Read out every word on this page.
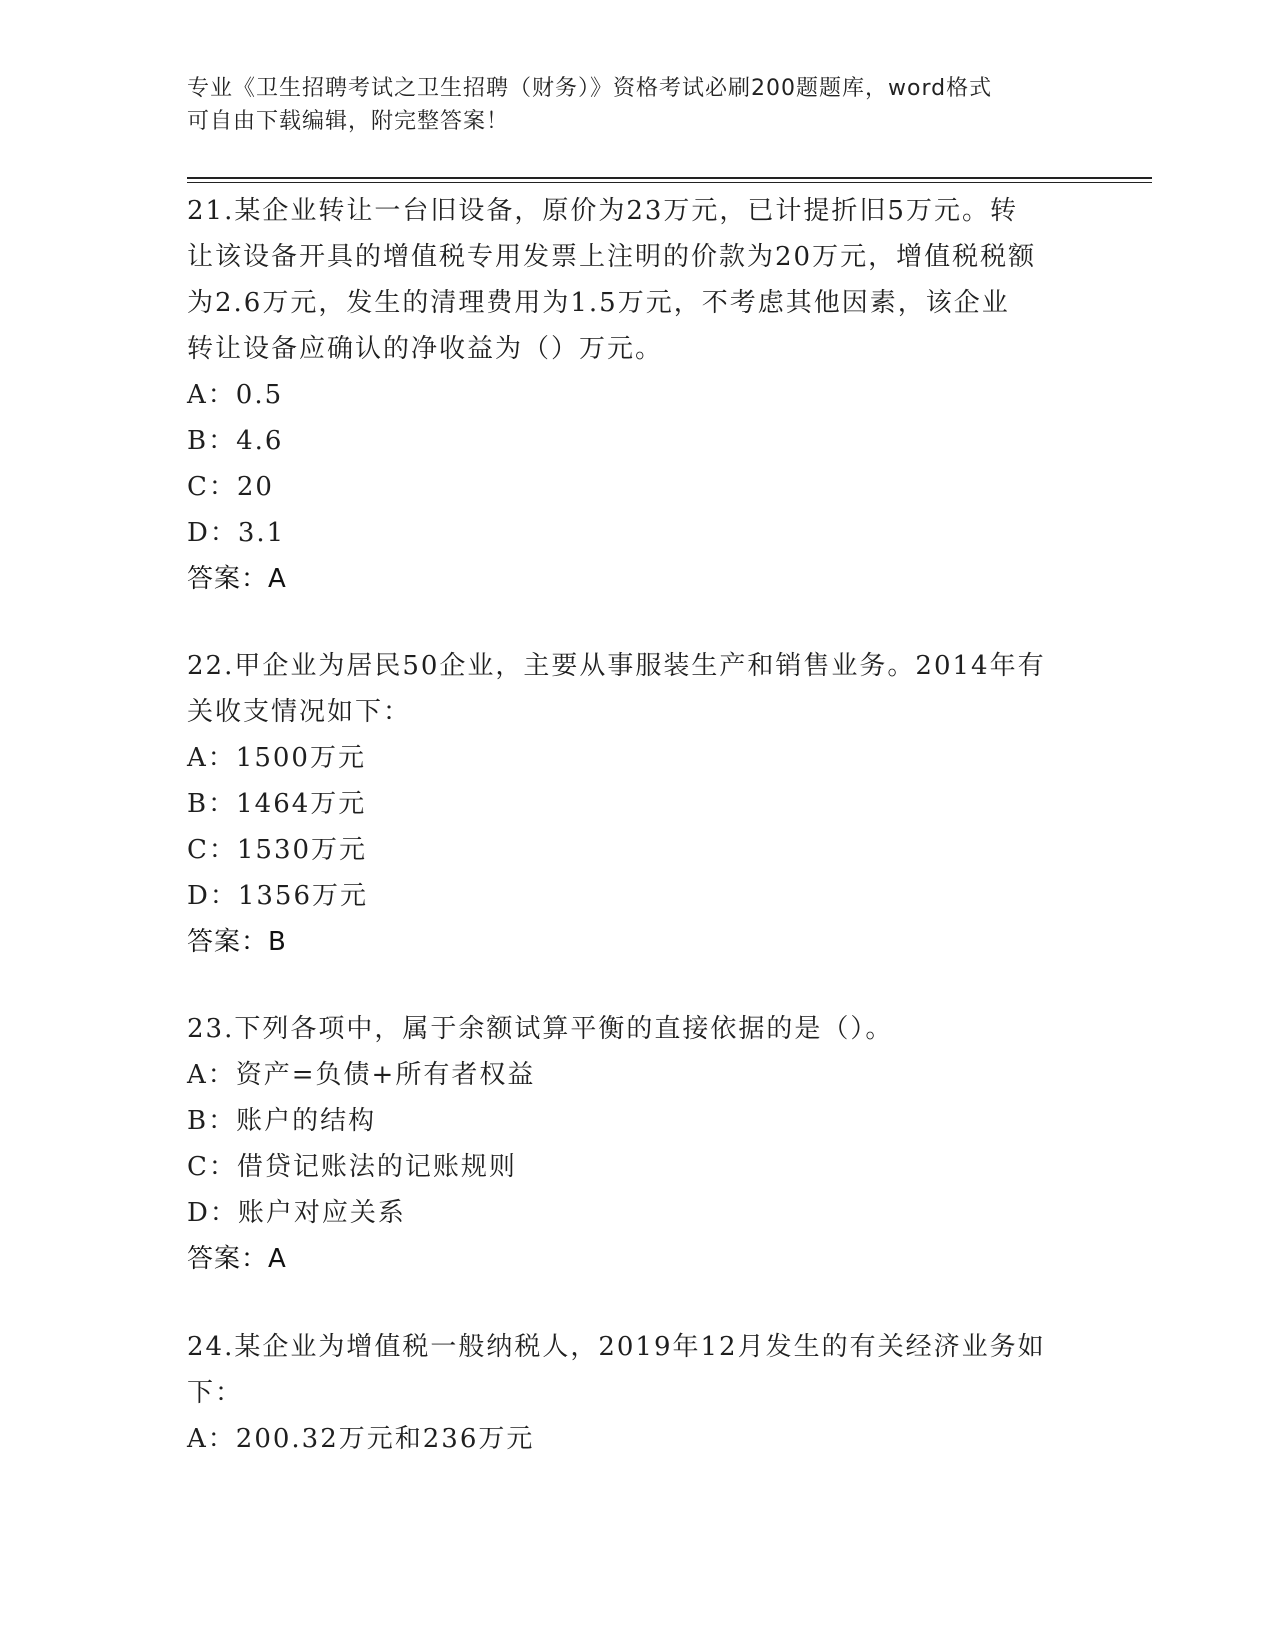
专业《卫生招聘考试之卫生招聘（财务）》资格考试必刷200题题库，word格式
可自由下载编辑，附完整答案！

21.某企业转让一台旧设备，原价为23万元，已计提折旧5万元。转
让该设备开具的增值税专用发票上注明的价款为20万元，增值税税额
为2.6万元，发生的清理费用为1.5万元，不考虑其他因素，该企业
转让设备应确认的净收益为（）万元。

A：0.5
B：4.6
C：20
D：3.1
答案：A

22.甲企业为居民50企业，主要从事服装生产和销售业务。2014年有
关收支情况如下：

A：1500万元
B：1464万元
C：1530万元
D：1356万元
答案：B

23.下列各项中，属于余额试算平衡的直接依据的是（）。

A：资产=负债+所有者权益
B：账户的结构
C：借贷记账法的记账规则
D：账户对应关系
答案：A

24.某企业为增值税一般纳税人，2019年12月发生的有关经济业务如
下：

A：200.32万元和236万元
